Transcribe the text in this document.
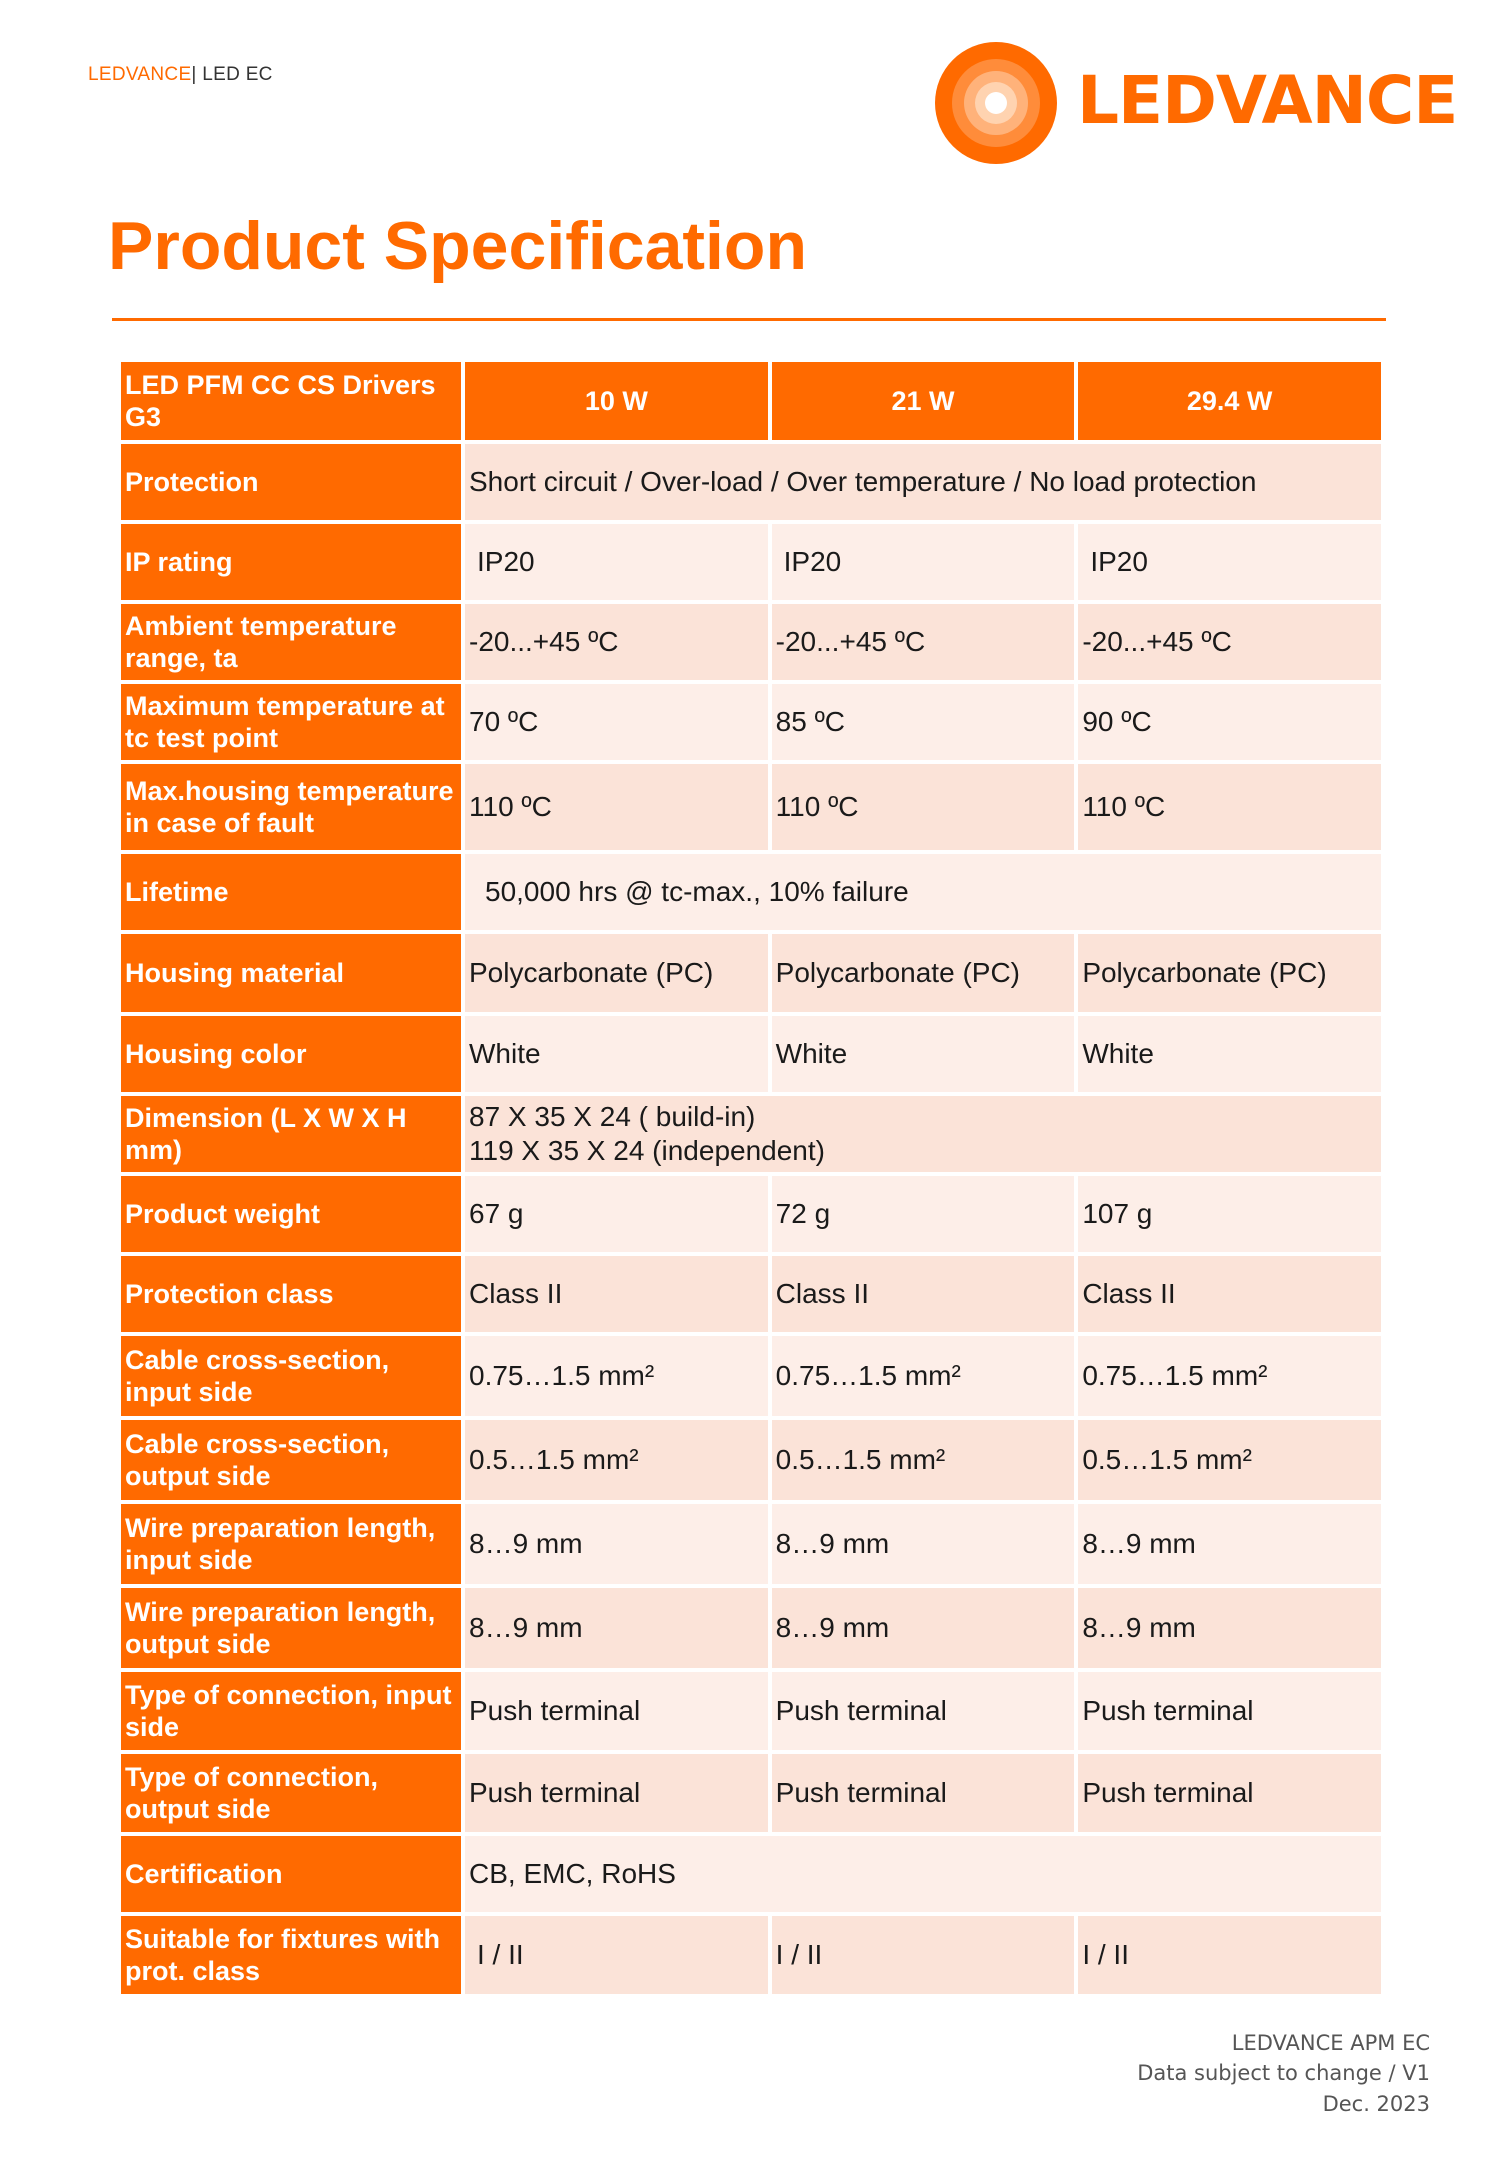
LEDVANCE| LED EC	LEDVANCE
Product Specification
LED PFM CC CS Drivers G3	10 W	21 W	29.4 W
Protection	Short circuit / Over-load / Over temperature / No load protection		
IP rating	IP20	IP20	IP20
Ambient temperature range, ta	-20...+45 ºC	-20...+45 ºC	-20...+45 ºC
Maximum temperature at tc test point	70 ºC	85 ºC	90 ºC
Max.housing temperature in case of fault	110 ºC	110 ºC	110 ºC
Lifetime	50,000 hrs @ tc-max., 10% failure		
Housing material	Polycarbonate (PC)	Polycarbonate (PC)	Polycarbonate (PC)
Housing color	White	White	White
Dimension (L X W X H mm)	87 X 35 X 24 ( build-in)
119 X 35 X 24 (independent)		

Product weight	67 g	72 g	107 g
Protection class	Class II	Class II	Class II
Cable cross-section, input side	0.75…1.5 mm²	0.75…1.5 mm²	0.75…1.5 mm²
Cable cross-section, output side	0.5…1.5 mm²	0.5…1.5 mm²	0.5…1.5 mm²
Wire preparation length, input side	8…9 mm	8…9 mm	8…9 mm
Wire preparation length, output side	8…9 mm	8…9 mm	8…9 mm
Type of connection, input side	Push terminal	Push terminal	Push terminal
Type of connection, output side	Push terminal	Push terminal	Push terminal
Certification	CB, EMC, RoHS		
Suitable for fixtures with prot. class	I / II	I / II	I / II
LEDVANCE APM EC
Data subject to change / V1
Dec. 2023
